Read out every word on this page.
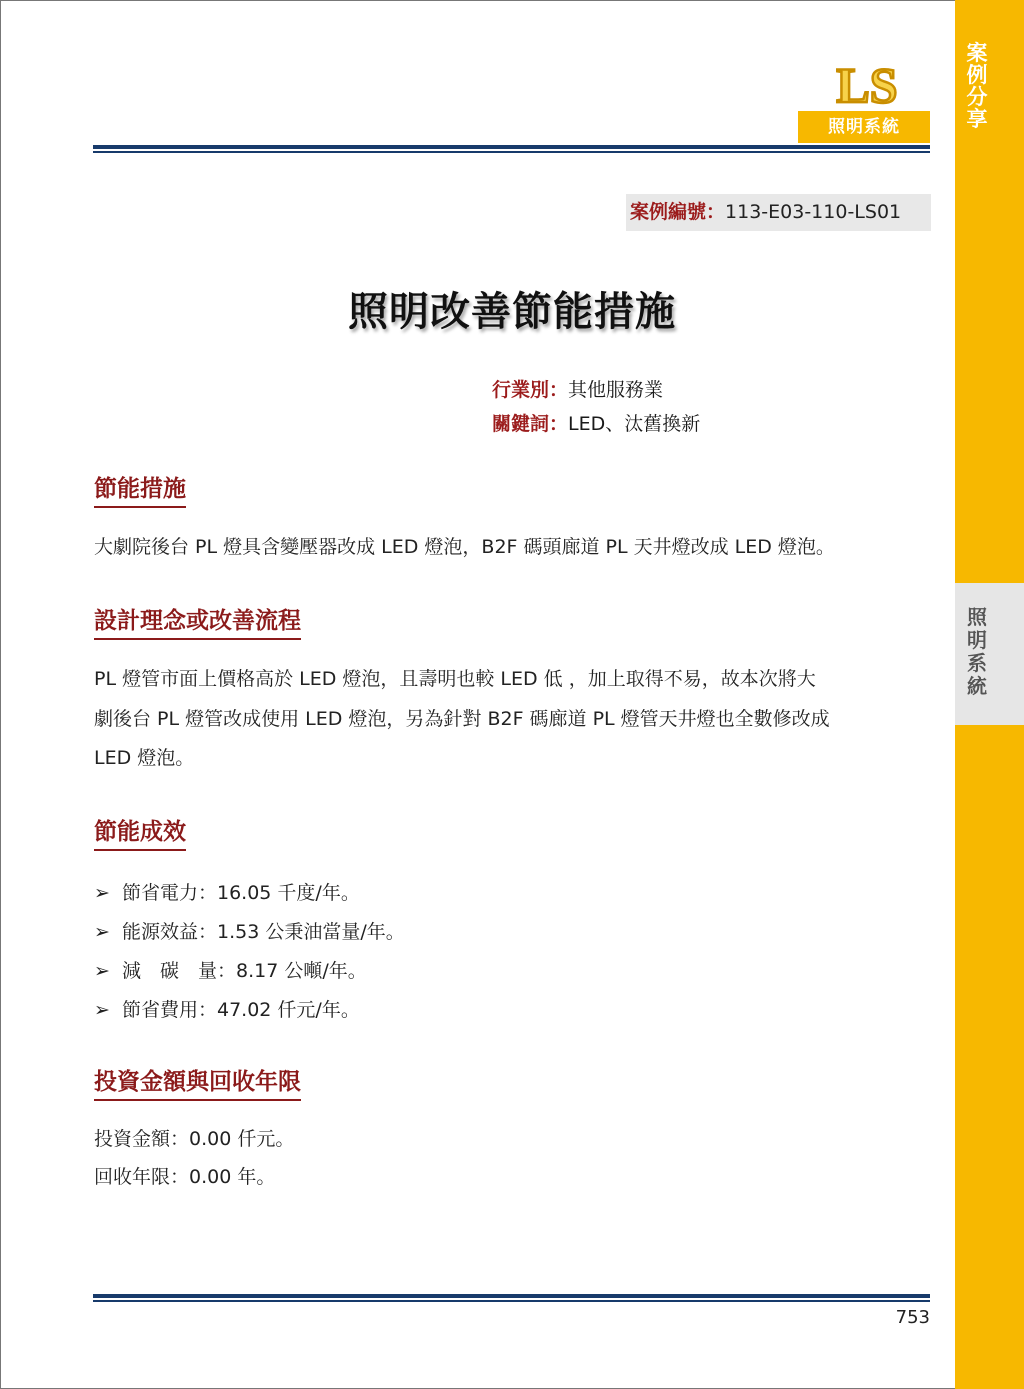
案例分享
照明系統
LS
照明系統
案例編號：113-E03-110-LS01
照明改善節能措施
行業別：其他服務業
關鍵詞：LED、汰舊換新
節能措施
大劇院後台 PL 燈具含變壓器改成 LED 燈泡，B2F 碼頭廊道 PL 天井燈改成 LED 燈泡。
設計理念或改善流程
PL 燈管市面上價格高於 LED 燈泡，且壽明也較 LED 低 ，加上取得不易，故本次將大
劇後台 PL 燈管改成使用 LED 燈泡，另為針對 B2F 碼廊道 PL 燈管天井燈也全數修改成
LED 燈泡。
節能成效
➢ 節省電力：16.05 千度/年。
➢ 能源效益：1.53 公秉油當量/年。
➢ 減　碳　量：8.17 公噸/年。
➢ 節省費用：47.02 仟元/年。
投資金額與回收年限
投資金額：0.00 仟元。
回收年限：0.00 年。
753
